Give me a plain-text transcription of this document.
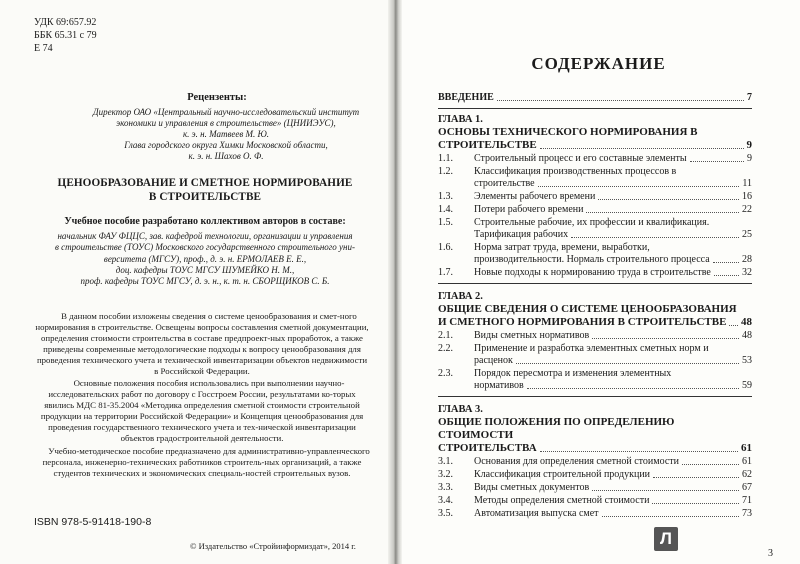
УДК 69:657.92
ББК 65.31 с 79
Е 74
Рецензенты:
Директор ОАО «Центральный научно-исследовательский институт
экономики и управления в строительстве» (ЦНИИЭУС),
к. э. н. Матвеев М. Ю.
Глава городского округа Химки Московской области,
к. э. н. Шахов О. Ф.
ЦЕНООБРАЗОВАНИЕ И СМЕТНОЕ НОРМИРОВАНИЕ
В СТРОИТЕЛЬСТВЕ
Учебное пособие разработано коллективом авторов в составе:
начальник ФАУ ФЦЦС, зав. кафедрой технологии, организации и управления
в строительстве (ТОУС) Московского государственного строительного уни-
верситета (МГСУ), проф., д. э. н. ЕРМОЛАЕВ Е. Е.,
доц. кафедры ТОУС МГСУ ШУМЕЙКО Н. М.,
проф. кафедры ТОУС МГСУ, д. э. н., к. т. н. СБОРЩИКОВ С. Б.

В данном пособии изложены сведения о системе ценообразования и смет-ного нормирования в строительстве. Освещены вопросы составления сметной документации, определения стоимости строительства в составе предпроект-ных проработок, а также приведены современные методологические подходы к вопросу ценообразования для проведения технического учета и технической инвентаризации объектов недвижимости в Российской Федерации.

Основные положения пособия использовались при выполнении научно-исследовательских работ по договору с Госстроем России, результатами ко-торых явились МДС 81-35.2004 «Методика определения сметной стоимости строительной продукции на территории Российской Федерации» и Концепция ценообразования для проведения государственного технического учета и тех-нической инвентаризации объектов градостроительной деятельности.

Учебно-методическое пособие предназначено для административно-управленческого персонала, инженерно-технических работников строитель-ных организаций, а также студентов технических и экономических специаль-ностей строительных вузов.

ISBN 978-5-91418-190-8
© Издательство «Стройинформиздат», 2014 г.
СОДЕРЖАНИЕ
ВВЕДЕНИЕ	7
ГЛАВА 1.
ОСНОВЫ ТЕХНИЧЕСКОГО НОРМИРОВАНИЯ В
СТРОИТЕЛЬСТВЕ	9
1.1.	Строительный процесс и его составные элементы	9
1.2.	Классификация производственных процессов в
строительстве	11
1.3.	Элементы рабочего времени	16
1.4.	Потери рабочего времени	22
1.5.	Строительные рабочие, их профессии и квалификация.
Тарификация рабочих	25
1.6.	Норма затрат труда, времени, выработки,
производительности. Нормаль строительного процесса	28
1.7.	Новые подходы к нормированию труда в строительстве	32
ГЛАВА 2.
ОБЩИЕ СВЕДЕНИЯ О СИСТЕМЕ ЦЕНООБРАЗОВАНИЯ
И СМЕТНОГО НОРМИРОВАНИЯ В СТРОИТЕЛЬСТВЕ 48
2.1.	Виды сметных нормативов	48
2.2.	Применение и разработка элементных сметных норм и
расценок	53
2.3.	Порядок пересмотра и изменения элементных
нормативов	59
ГЛАВА 3.
ОБЩИЕ ПОЛОЖЕНИЯ ПО ОПРЕДЕЛЕНИЮ СТОИМОСТИ
СТРОИТЕЛЬСТВА	61
3.1.	Основания для определения сметной стоимости	61
3.2.	Классификация строительной продукции	62
3.3.	Виды сметных документов	67
3.4.	Методы определения сметной стоимости	71
3.5.	Автоматизация выпуска смет	73
Л
3
